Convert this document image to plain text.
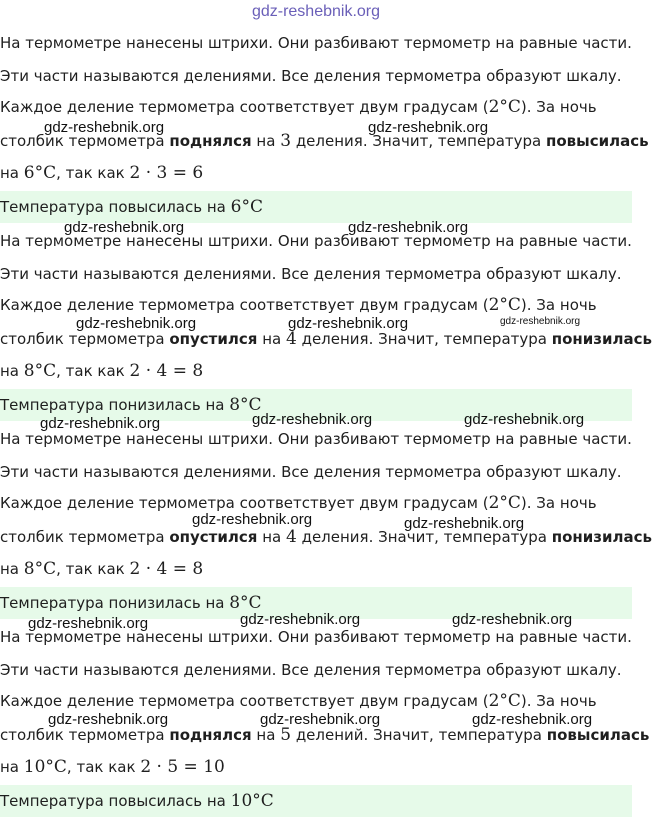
gdz-reshebnik.org
На термометре нанесены штрихи. Они разбивают термометр на равные части.
Эти части называются делениями. Все деления термометра образуют шкалу.
Каждое деление термометра соответствует двум градусам (2°C). За ночь
столбик термометра поднялся на 3 деления. Значит, температура повысилась
на 6°C, так как 2 · 3 = 6
Температура повысилась на 6°C
На термометре нанесены штрихи. Они разбивают термометр на равные части.
Эти части называются делениями. Все деления термометра образуют шкалу.
Каждое деление термометра соответствует двум градусам (2°C). За ночь
столбик термометра опустился на 4 деления. Значит, температура понизилась
на 8°C, так как 2 · 4 = 8
Температура понизилась на 8°C
На термометре нанесены штрихи. Они разбивают термометр на равные части.
Эти части называются делениями. Все деления термометра образуют шкалу.
Каждое деление термометра соответствует двум градусам (2°C). За ночь
столбик термометра опустился на 4 деления. Значит, температура понизилась
на 8°C, так как 2 · 4 = 8
Температура понизилась на 8°C
На термометре нанесены штрихи. Они разбивают термометр на равные части.
Эти части называются делениями. Все деления термометра образуют шкалу.
Каждое деление термометра соответствует двум градусам (2°C). За ночь
столбик термометра поднялся на 5 делений. Значит, температура повысилась
на 10°C, так как 2 · 5 = 10
Температура повысилась на 10°C
gdz-reshebnik.org	gdz-reshebnik.org
gdz-reshebnik.org	gdz-reshebnik.org
gdz-reshebnik.org	gdz-reshebnik.org	gdz-reshebnik.org
gdz-reshebnik.org	gdz-reshebnik.org	gdz-reshebnik.org
gdz-reshebnik.org	gdz-reshebnik.org
gdz-reshebnik.org	gdz-reshebnik.org	gdz-reshebnik.org
gdz-reshebnik.org	gdz-reshebnik.org	gdz-reshebnik.org
